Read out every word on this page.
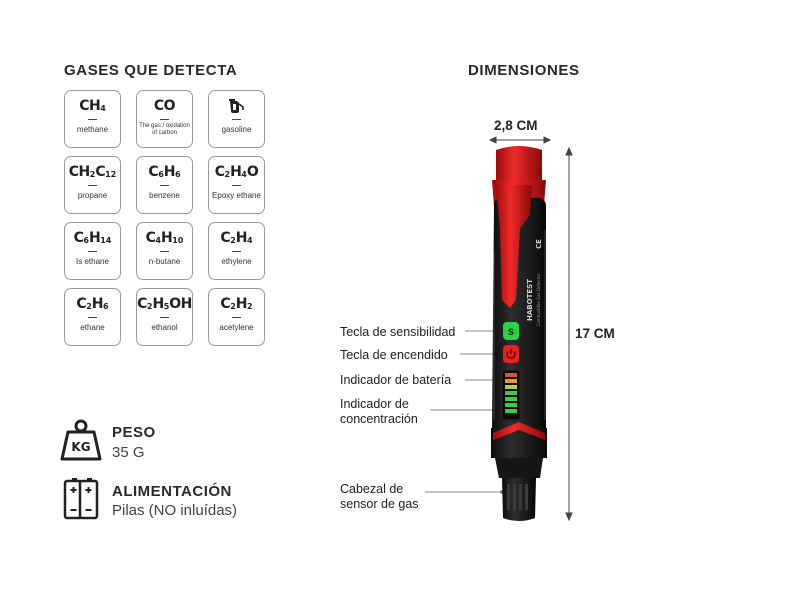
GASES QUE DETECTA
CH4
methane
CO
The gas / oxidation of carbon	gasoline
CH2C12
propane
C6H6
benzene
C2H4O
Epoxy ethane
C6H14
Is ethane
C4H10
n-butane
C2H4
ethylene
C2H6
ethane
C2H5OH
ethanol
C2H2
acetylene
KG
PESO
35 G
ALIMENTACIÓN
Pilas (NO inluídas)
DIMENSIONES
2,8 CM
17 CM
Tecla de sensibilidad
Tecla de encendido
Indicador de batería
Indicador de concentración
Cabezal de sensor de gas
HABOTEST Combustible Gas Detector
CE
S
